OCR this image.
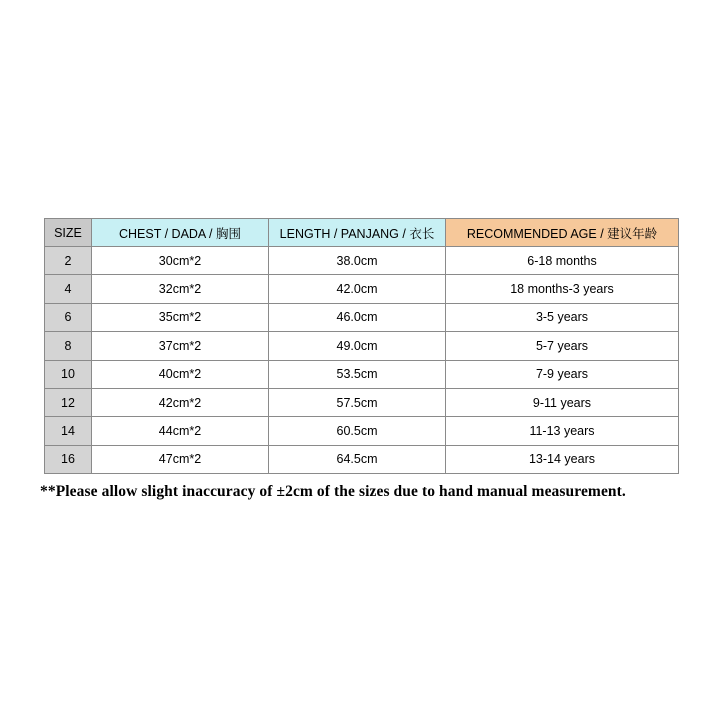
SIZE	CHEST / DADA / 胸围	LENGTH / PANJANG / 衣长	RECOMMENDED AGE / 建议年龄
2	30cm*2	38.0cm	6-18 months
4	32cm*2	42.0cm	18 months-3 years
6	35cm*2	46.0cm	3-5 years
8	37cm*2	49.0cm	5-7 years
10	40cm*2	53.5cm	7-9 years
12	42cm*2	57.5cm	9-11 years
14	44cm*2	60.5cm	11-13 years
16	47cm*2	64.5cm	13-14 years
**Please allow slight inaccuracy of ±2cm of the sizes due to hand manual measurement.
